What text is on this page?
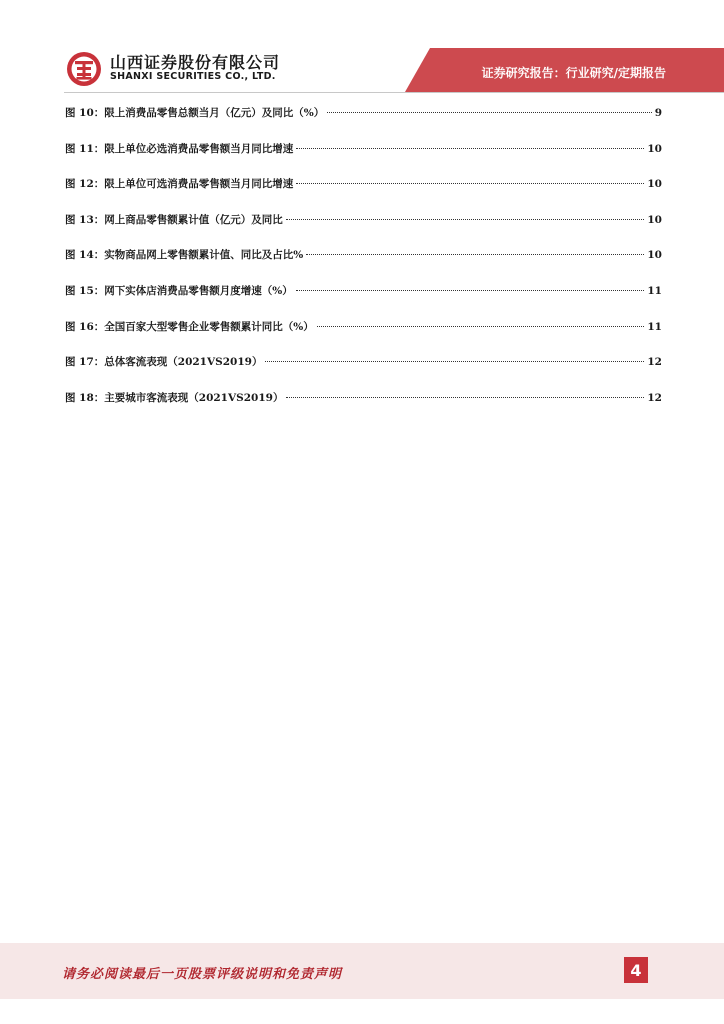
山西证券股份有限公司
SHANXI SECURITIES CO., LTD.	证券研究报告：行业研究/定期报告
图 10：限上消费品零售总额当月（亿元）及同比（%）	9
图 11：限上单位必选消费品零售额当月同比增速	10
图 12：限上单位可选消费品零售额当月同比增速	10
图 13：网上商品零售额累计值（亿元）及同比	10
图 14：实物商品网上零售额累计值、同比及占比%	10
图 15：网下实体店消费品零售额月度增速（%）	11
图 16：全国百家大型零售企业零售额累计同比（%）	11
图 17：总体客流表现（2021VS2019）	12
图 18：主要城市客流表现（2021VS2019）	12
请务必阅读最后一页股票评级说明和免责声明	4
